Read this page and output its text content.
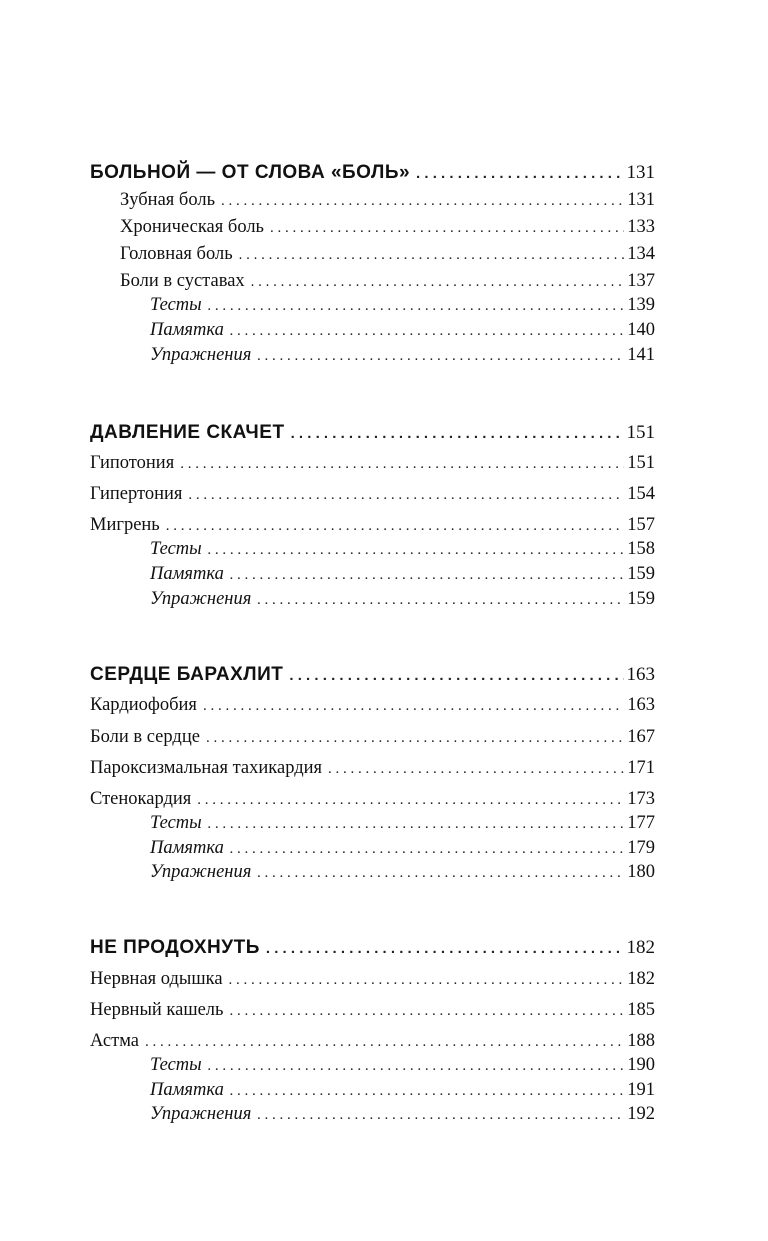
БОЛЬНОЙ — ОТ СЛОВА «БОЛЬ» . . .	131
Зубная боль . . .	131
Хроническая боль . . .	133
Головная боль . . .	134
Боли в суставах . . .	137
Тесты . . .	139
Памятка . . .	140
Упражнения . . .	141
ДАВЛЕНИЕ СКАЧЕТ . . .	151
Гипотония . . .	151
Гипертония . . .	154
Мигрень . . .	157
Тесты . . .	158
Памятка . . .	159
Упражнения . . .	159
СЕРДЦЕ БАРАХЛИТ . . .	163
Кардиофобия . . .	163
Боли в сердце . . .	167
Пароксизмальная тахикардия . . .	171
Стенокардия . . .	173
Тесты . . .	177
Памятка . . .	179
Упражнения . . .	180
НЕ ПРОДОХНУТЬ . . .	182
Нервная одышка . . .	182
Нервный кашель . . .	185
Астма . . .	188
Тесты . . .	190
Памятка . . .	191
Упражнения . . .	192
